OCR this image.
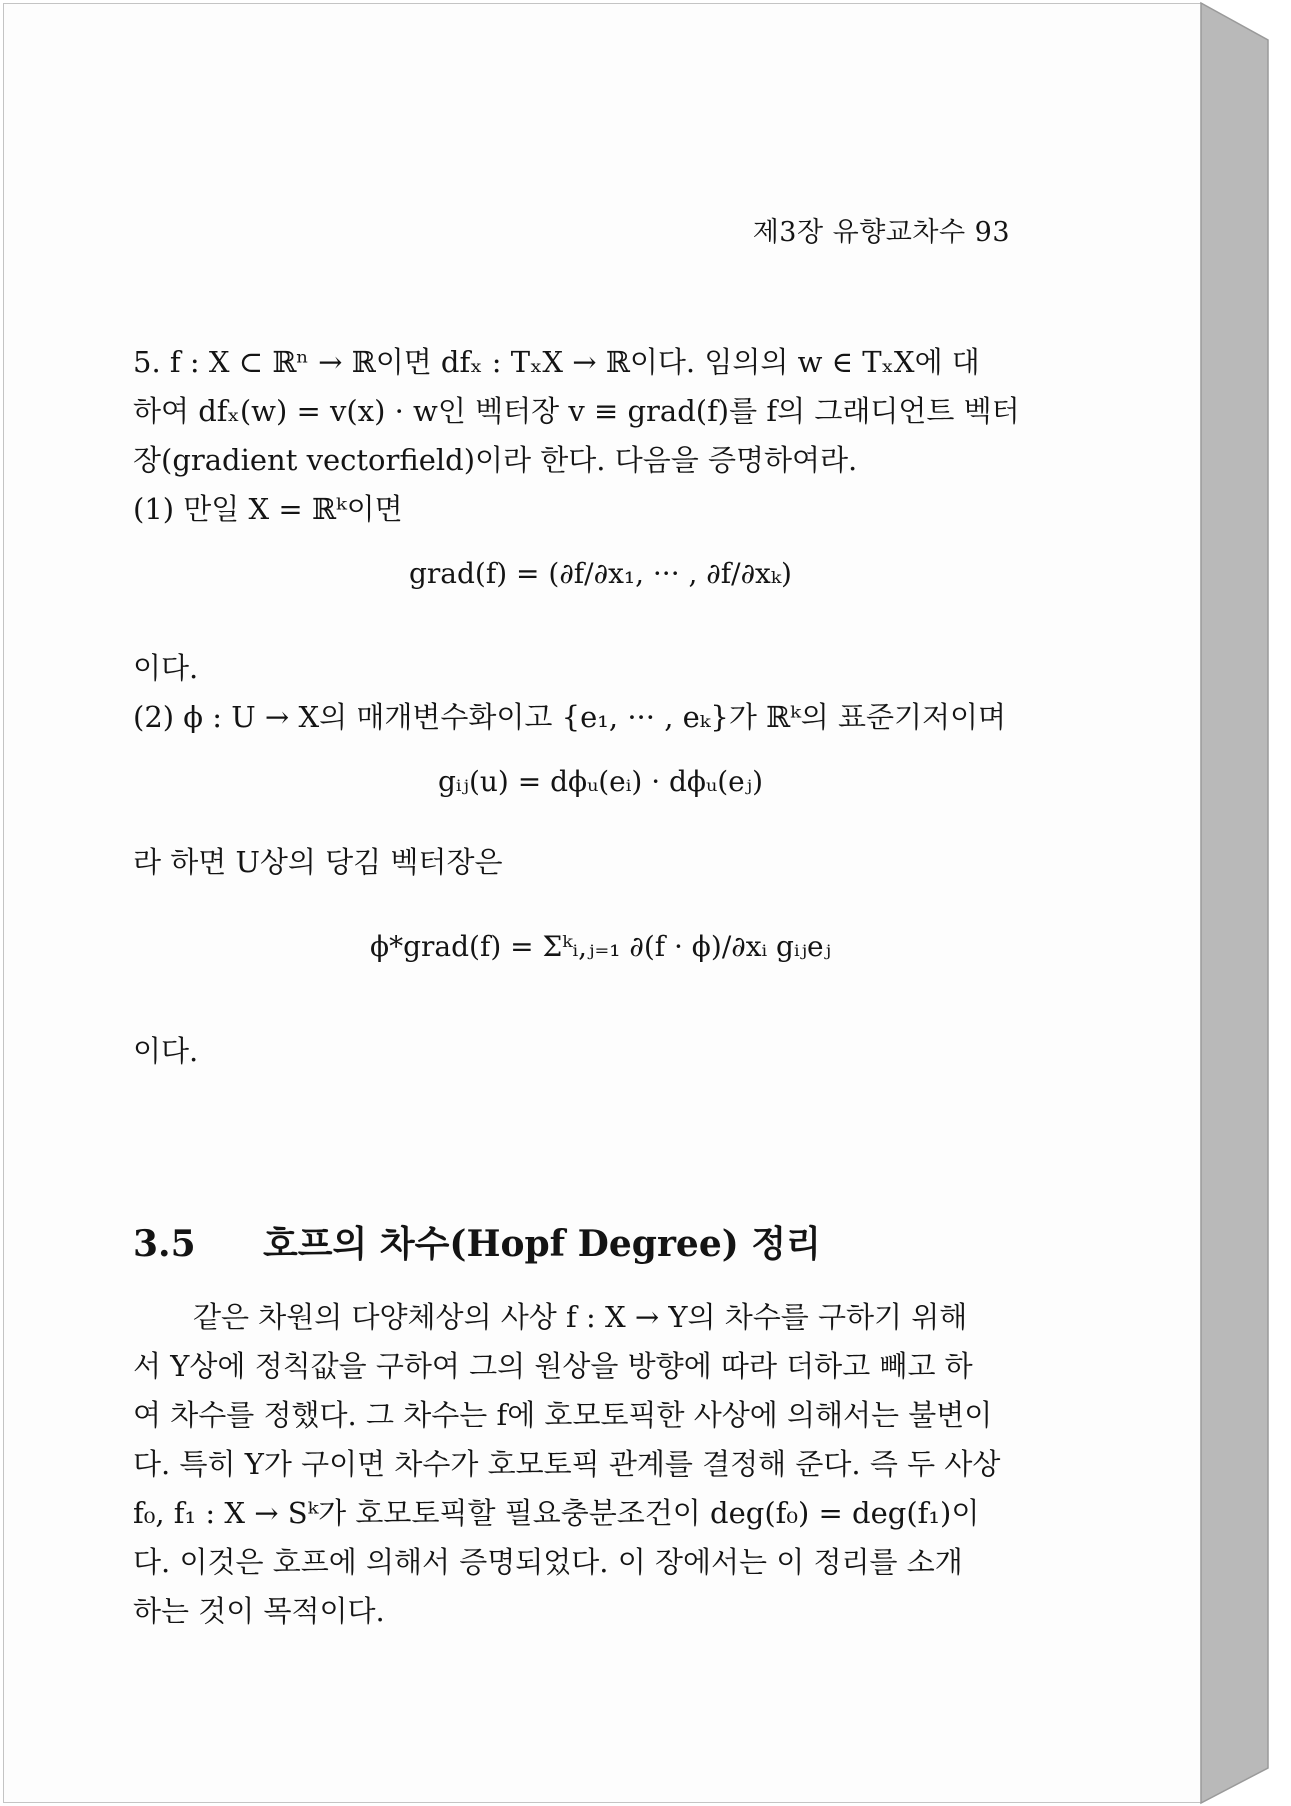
제3장 유향교차수 93
5. f : X ⊂ ℝⁿ → ℝ이면 dfₓ : TₓX → ℝ이다. 임의의 w ∈ TₓX에 대
하여 dfₓ(w) = v(x) · w인 벡터장 v ≡ grad(f)를 f의 그래디언트 벡터
장(gradient vectorfield)이라 한다. 다음을 증명하여라.
(1) 만일 X = ℝᵏ이면
grad(f) = (∂f/∂x₁, ··· , ∂f/∂xₖ)
이다.
(2) ϕ : U → X의 매개변수화이고 {e₁, ··· , eₖ}가 ℝᵏ의 표준기저이며
gᵢⱼ(u) = dϕᵤ(eᵢ) · dϕᵤ(eⱼ)
라 하면 U상의 당김 벡터장은
ϕ*grad(f) = Σᵏᵢ,ⱼ₌₁ ∂(f · ϕ)/∂xᵢ gᵢⱼeⱼ
이다.
3.5 호프의 차수(Hopf Degree) 정리
같은 차원의 다양체상의 사상 f : X → Y의 차수를 구하기 위해
서 Y상에 정칙값을 구하여 그의 원상을 방향에 따라 더하고 빼고 하
여 차수를 정했다. 그 차수는 f에 호모토픽한 사상에 의해서는 불변이
다. 특히 Y가 구이면 차수가 호모토픽 관계를 결정해 준다. 즉 두 사상
f₀, f₁ : X → Sᵏ가 호모토픽할 필요충분조건이 deg(f₀) = deg(f₁)이
다. 이것은 호프에 의해서 증명되었다. 이 장에서는 이 정리를 소개
하는 것이 목적이다.
